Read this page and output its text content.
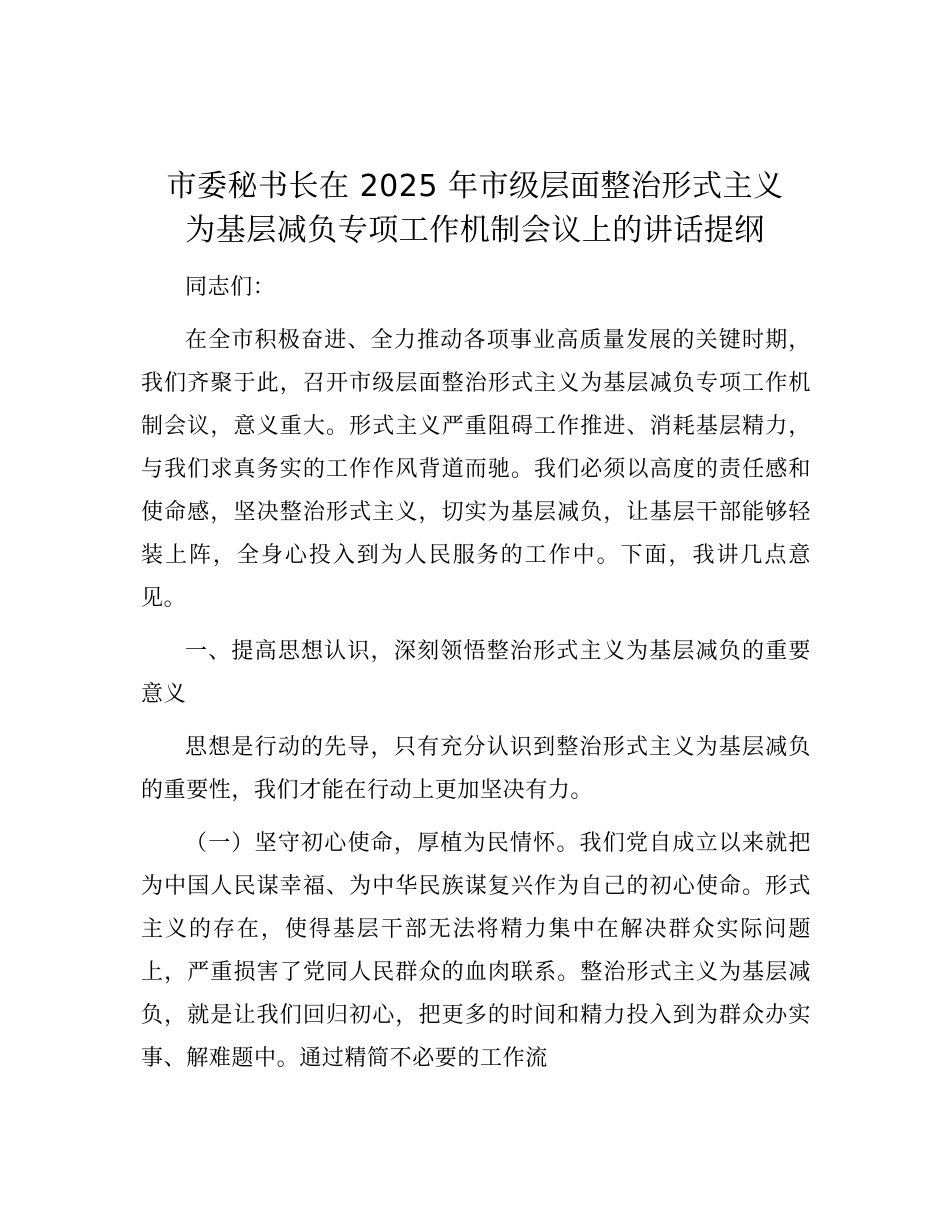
市委秘书长在 2025 年市级层面整治形式主义
为基层减负专项工作机制会议上的讲话提纲

同志们：

在全市积极奋进、全力推动各项事业高质量发展的关键时期，我们齐聚于此，召开市级层面整治形式主义为基层减负专项工作机制会议，意义重大。形式主义严重阻碍工作推进、消耗基层精力，与我们求真务实的工作作风背道而驰。我们必须以高度的责任感和使命感，坚决整治形式主义，切实为基层减负，让基层干部能够轻装上阵，全身心投入到为人民服务的工作中。下面，我讲几点意见。

一、提高思想认识，深刻领悟整治形式主义为基层减负的重要意义

思想是行动的先导，只有充分认识到整治形式主义为基层减负的重要性，我们才能在行动上更加坚决有力。

（一）坚守初心使命，厚植为民情怀。我们党自成立以来就把为中国人民谋幸福、为中华民族谋复兴作为自己的初心使命。形式主义的存在，使得基层干部无法将精力集中在解决群众实际问题上，严重损害了党同人民群众的血肉联系。整治形式主义为基层减负，就是让我们回归初心，把更多的时间和精力投入到为群众办实事、解难题中。通过精简不必要的工作流
